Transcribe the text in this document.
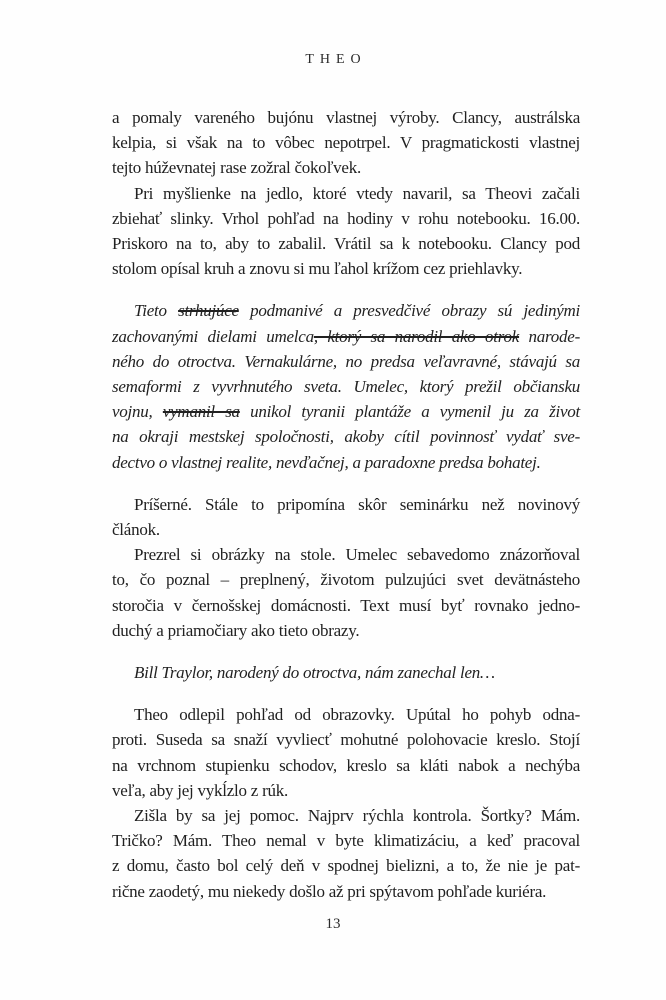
THEO
a pomaly vareného bujónu vlastnej výroby. Clancy, austrálska
kelpia, si však na to vôbec nepotrpel. V pragmatickosti vlastnej
tejto húževnatej rase zožral čokoľvek.
Pri myšlienke na jedlo, ktoré vtedy navaril, sa Theovi začali
zbiehať slinky. Vrhol pohľad na hodiny v rohu notebooku. 16.00.
Priskoro na to, aby to zabalil. Vrátil sa k notebooku. Clancy pod
stolom opísal kruh a znovu si mu ľahol krížom cez priehlavky.
Tieto strhujúce podmanivé a presvedčivé obrazy sú jedinými
zachovanými dielami umelca, ktorý sa narodil ako otrok narode-
ného do otroctva. Vernakulárne, no predsa veľavravné, stávajú sa
semaformi z vyvrhnutého sveta. Umelec, ktorý prežil občiansku
vojnu, vymanil sa unikol tyranii plantáže a vymenil ju za život
na okraji mestskej spoločnosti, akoby cítil povinnosť vydať sve-
dectvo o vlastnej realite, nevďačnej, a paradoxne predsa bohatej.
Príšerné. Stále to pripomína skôr seminárku než novinový
článok.
Prezrel si obrázky na stole. Umelec sebavedomo znázorňoval
to, čo poznal – preplnený, životom pulzujúci svet devätnásteho
storočia v černošskej domácnosti. Text musí byť rovnako jedno-
duchý a priamočiary ako tieto obrazy.
Bill Traylor, narodený do otroctva, nám zanechal len…
Theo odlepil pohľad od obrazovky. Upútal ho pohyb odna-
proti. Suseda sa snaží vyvliecť mohutné polohovacie kreslo. Stojí
na vrchnom stupienku schodov, kreslo sa kláti nabok a nechýba
veľa, aby jej vykĺzlo z rúk.
Zišla by sa jej pomoc. Najprv rýchla kontrola. Šortky? Mám.
Tričko? Mám. Theo nemal v byte klimatizáciu, a keď pracoval
z domu, často bol celý deň v spodnej bielizni, a to, že nie je pat-
rične zaodetý, mu niekedy došlo až pri spýtavom pohľade kuriéra.
13
